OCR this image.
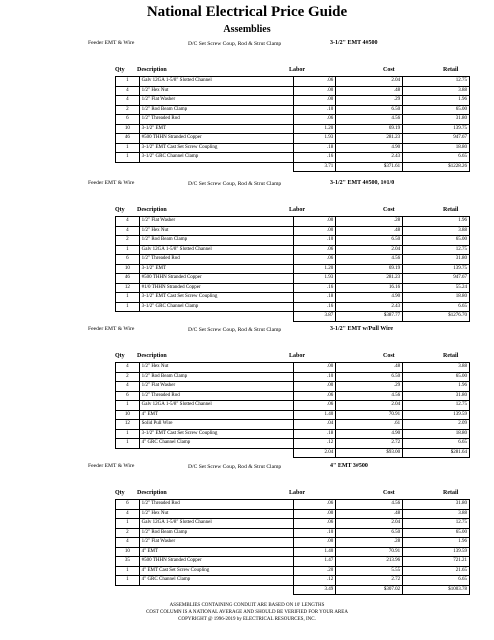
National Electrical Price Guide
Assemblies
Feeder EMT & Wire	D/C Set Screw Coup, Rod & Strut Clamp	3-1/2" EMT 4#500
Qty Description	Labor	Cost	Retail
1	Galv 12GA 1-5/8" Slotted Channel	.06	2.04	12.75
4	1/2" Hex Nut	.00	.48	3.88
4	1/2" Flat Washer	.00	.29	1.96
2	1/2" Rod Beam Clamp	.10	6.50	65.00
6	1/2" Threaded Rod	.06	4.56	31.80
10	3-1/2" EMT	1.20	69.19	139.75
46	#500 THHN Stranded Copper	1.93	281.23	947.67
1	3-1/2" EMT Cast Set Screw Coupling	.18	4.90	18.80
1	3-1/2" GRC Channel Clamp	.16	2.43	6.65
		3.71	$371.61	$1228.26
Feeder EMT & Wire	D/C Set Screw Coup, Rod & Strut Clamp	3-1/2" EMT 4#500, 1#1/0
Qty Description	Labor	Cost	Retail
4	1/2" Flat Washer	.00	.28	1.96
4	1/2" Hex Nut	.00	.48	3.88
2	1/2" Rod Beam Clamp	.10	6.50	65.00
1	Galv 12GA 1-5/8" Slotted Channel	.06	2.04	12.75
6	1/2" Threaded Rod	.06	4.56	31.80
10	3-1/2" EMT	1.20	69.19	139.75
46	#500 THHN Stranded Copper	1.93	281.23	947.67
12	#1/0 THHN Stranded Copper	.16	16.16	55.24
1	3-1/2" EMT Cast Set Screw Coupling	.18	4.90	18.80
1	3-1/2" GRC Channel Clamp	.16	2.43	6.65
		3.87	$387.77	$1276.70
Feeder EMT & Wire	D/C Set Screw Coup, Rod & Strut Clamp	3-1/2" EMT w/Pull Wire
Qty Description	Labor	Cost	Retail
4	1/2" Hex Nut	.00	.48	3.88
2	1/2" Rod Beam Clamp	.10	6.50	65.00
4	1/2" Flat Washer	.00	.29	1.96
6	1/2" Threaded Rod	.06	4.56	31.80
1	Galv 12GA 1-5/8" Slotted Channel	.06	2.04	12.75
10	4" EMT	1.40	70.91	139.59
12	Solid Pull Wire	.04	.61	2.09
1	3-1/2" EMT Cast Set Screw Coupling	.18	4.90	18.80
1	4" GRC Channel Clamp	.12	2.72	6.65
		2.04	$93.00	$281.64
Feeder EMT & Wire	D/C Set Screw Coup, Rod & Strut Clamp	4" EMT 3#500
Qty Description	Labor	Cost	Retail
6	1/2" Threaded Rod	.06	4.56	31.80
4	1/2" Hex Nut	.00	.48	3.88
1	Galv 12GA 1-5/8" Slotted Channel	.06	2.04	12.75
2	1/2" Rod Beam Clamp	.10	6.50	65.00
4	1/2" Flat Washer	.00	.28	1.96
10	4" EMT	1.40	70.91	139.59
35	#500 THHN Stranded Copper	1.47	213.96	721.21
1	4" EMT Cast Set Screw Coupling	.20	5.55	21.65
1	4" GRC Channel Clamp	.12	2.72	6.65
		3.49	$307.02	$1003.78
ASSEMBLIES CONTAINING CONDUIT ARE BASED ON 10' LENGTHS
COST COLUMN IS A NATIONAL AVERAGE AND SHOULD BE VERIFIED FOR YOUR AREA
COPYRIGHT @ 1996-2019 by ELECTRICAL RESOURCES, INC.
